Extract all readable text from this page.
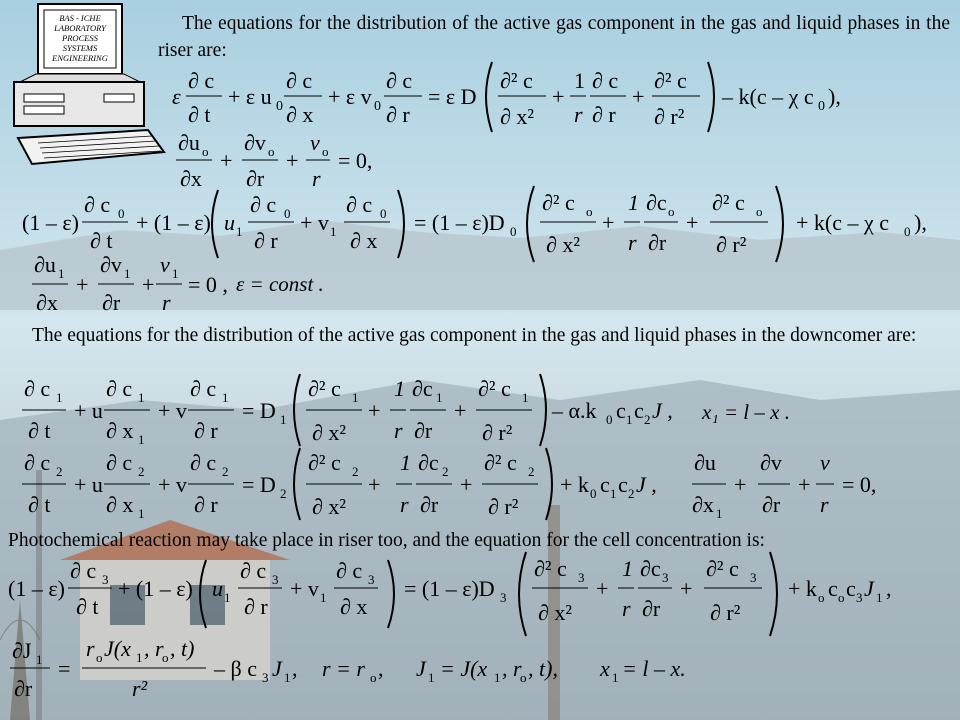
BAS - ICHE
LABORATORY
PROCESS
SYSTEMS
ENGINEERING
The equations for the distribution of the active gas component in the gas and liquid phases in the riser are:
ε
∂ c
∂ t
+ ε u 0
∂ c
∂ x
+ ε v 0
∂ c
∂ r
= ε D
∂² c
∂ x²
+
1
r
∂ c
∂ r
+
∂² c
∂ r²
– k(c – χ c 0 ),
∂u o
∂x
+
∂v o
∂r
+
v o
r
= 0,
(1 – ε)
∂ c 0
∂ t
+ (1 – ε) u 1
∂ c 0
∂ r
+ v 1
∂ c 0
∂ x
= (1 – ε)D 0
∂² c o
∂ x²
+
1
r
∂c o
∂r
+
∂² c o
∂ r²
+ k(c – χ c 0 ),
∂u 1
∂x
+
∂v 1
∂r
+
v 1
r
= 0 , ε = const .
The equations for the distribution of the active gas component in the gas and liquid phases in the downcomer are:
∂ c 1
∂ t
+ u
∂ c 1
∂ x 1
+ v
∂ c 1
∂ r
= D 1
∂² c 1
∂ x²
+
1
r
∂c 1
∂r
+
∂² c 1
∂ r²
– α.k 0 c 1 c 2 J ,
∂ c 2
∂ t
+ u
∂ c 2
∂ x 1
+ v
∂ c 2
∂ r
= D 2
∂² c 2
∂ x²
+
1
r
∂c 2
∂r
+
∂² c 2
∂ r²
+ k 0 c 1 c 2 J ,
∂u
∂x 1
+
∂v
∂r
+
v
r
= 0,
x₁ = l – x .
Photochemical reaction may take place in riser too, and the equation for the cell concentration is:
(1 – ε)
∂ c 3
∂ t
+ (1 – ε) u 1
∂ c 3
∂ r
+ v 1
∂ c 3
∂ x
= (1 – ε)D 3
∂² c 3
∂ x²
+
1
r
∂c 3
∂r
+
∂² c 3
∂ r²
+ k o c o c 3 J 1 ,
∂J 1
∂r
=
r o J(x 1 , r
o , t)
r²
– β c 3 J 1 , r = r o , J 1 = J(x 1 , r
o , t), x 1 = l – x.
